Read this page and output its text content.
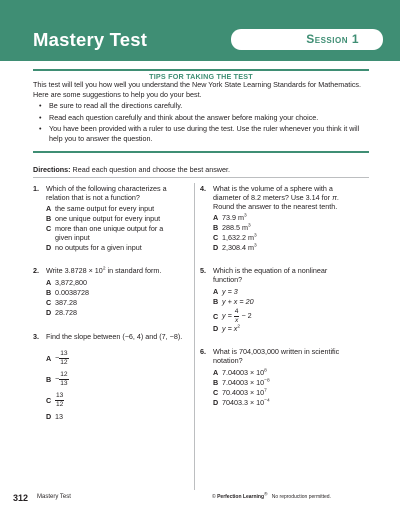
Mastery Test	Session 1
TIPS FOR TAKING THE TEST
This test will tell you how well you understand the New York State Learning Standards for Mathematics. Here are some suggestions to help you do your best.
• Be sure to read all the directions carefully.
• Read each question carefully and think about the answer before making your choice.
• You have been provided with a ruler to use during the test. Use the ruler whenever you think it will help you to answer the question.
Directions: Read each question and choose the best answer.
1. Which of the following characterizes a relation that is not a function?
A the same output for every input
B one unique output for every input
C more than one unique output for a given input
D no outputs for a given input
2. Write $3.8728 \times 10^2$ in standard form.
A 3,872,800
B 0.0038728
C 387.28
D 28.728
3. Find the slope between (−6, 4) and (7, −8).
$A - \frac{13}{12}$
$B - \frac{12}{13}$
C $\frac{13}{12}$
D 13
4. What is the volume of a sphere with a diameter of 8.2 meters? Use 3.14 for π. Round the answer to the nearest tenth.
A 73.9 $m^3$
B 288.5 $m^3$
C 1,632.2 $m^3$
D 2,308.4 $m^3$
5. Which is the equation of a nonlinear function?
A y = 3
B y + x = 20
C $y = \frac{4}{x} - 2$
D $y = x^2$
6. What is 704,003,000 written in scientific notation?
A $7.04003 \times 10^8$
B $7.04003 \times 10^{-8}$
C $70.4003 \times 10^7$
D $70403.3 \times 10^{-4}$
312 Mastery Test	© Perfection Learning® No reproduction permitted.
